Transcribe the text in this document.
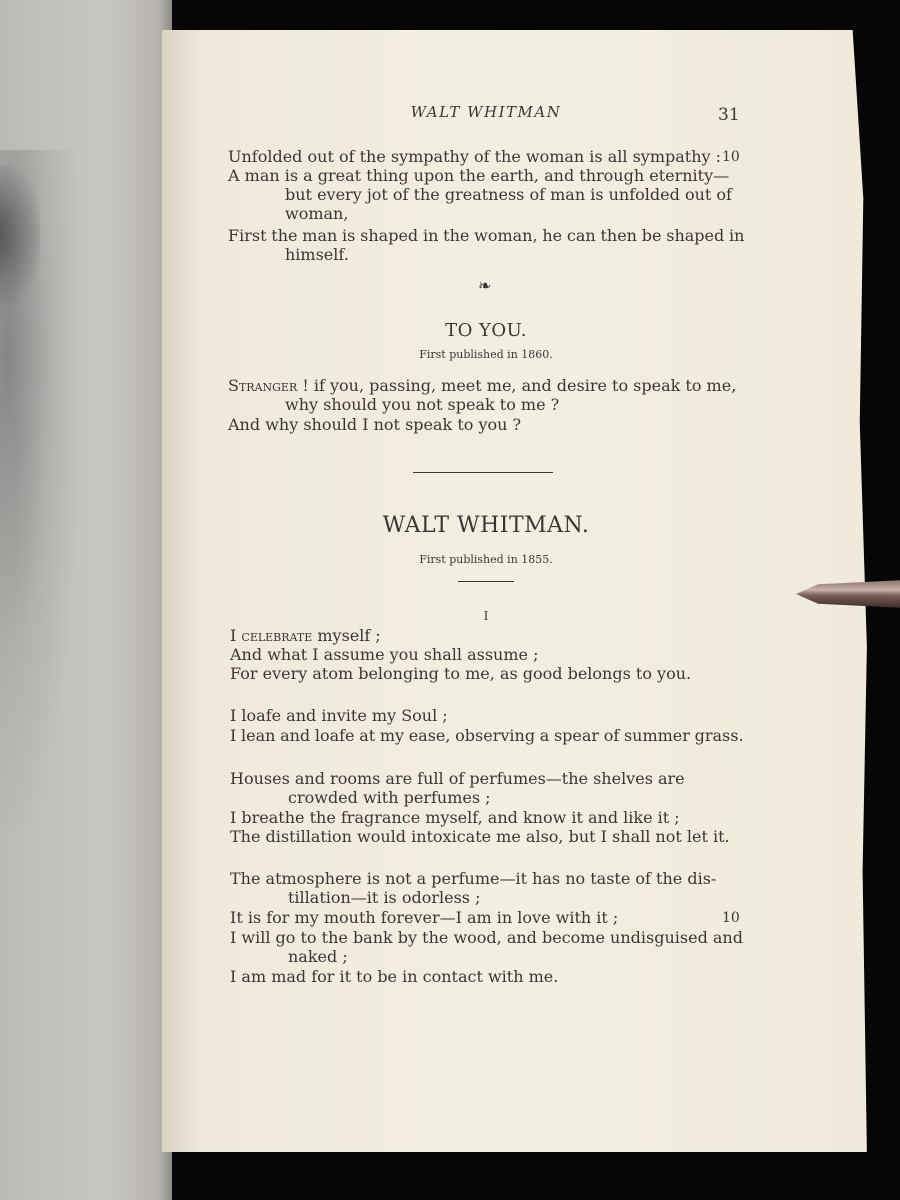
WALT WHITMAN	31
Unfolded out of the sympathy of the woman is all sympathy : 10
A man is a great thing upon the earth, and through eternity—
but every jot of the greatness of man is unfolded out of
woman,
First the man is shaped in the woman, he can then be shaped in
himself.
❧
TO YOU.
First published in 1860.
Stranger ! if you, passing, meet me, and desire to speak to me,
why should you not speak to me ?
And why should I not speak to you ?
WALT WHITMAN.
First published in 1855.
I
I celebrate myself ;
And what I assume you shall assume ;
For every atom belonging to me, as good belongs to you.
I loafe and invite my Soul ;
I lean and loafe at my ease, observing a spear of summer grass.
Houses and rooms are full of perfumes—the shelves are
crowded with perfumes ;
I breathe the fragrance myself, and know it and like it ;
The distillation would intoxicate me also, but I shall not let it.
The atmosphere is not a perfume—it has no taste of the dis-
tillation—it is odorless ;
It is for my mouth forever—I am in love with it ;	10
I will go to the bank by the wood, and become undisguised and
naked ;
I am mad for it to be in contact with me.
